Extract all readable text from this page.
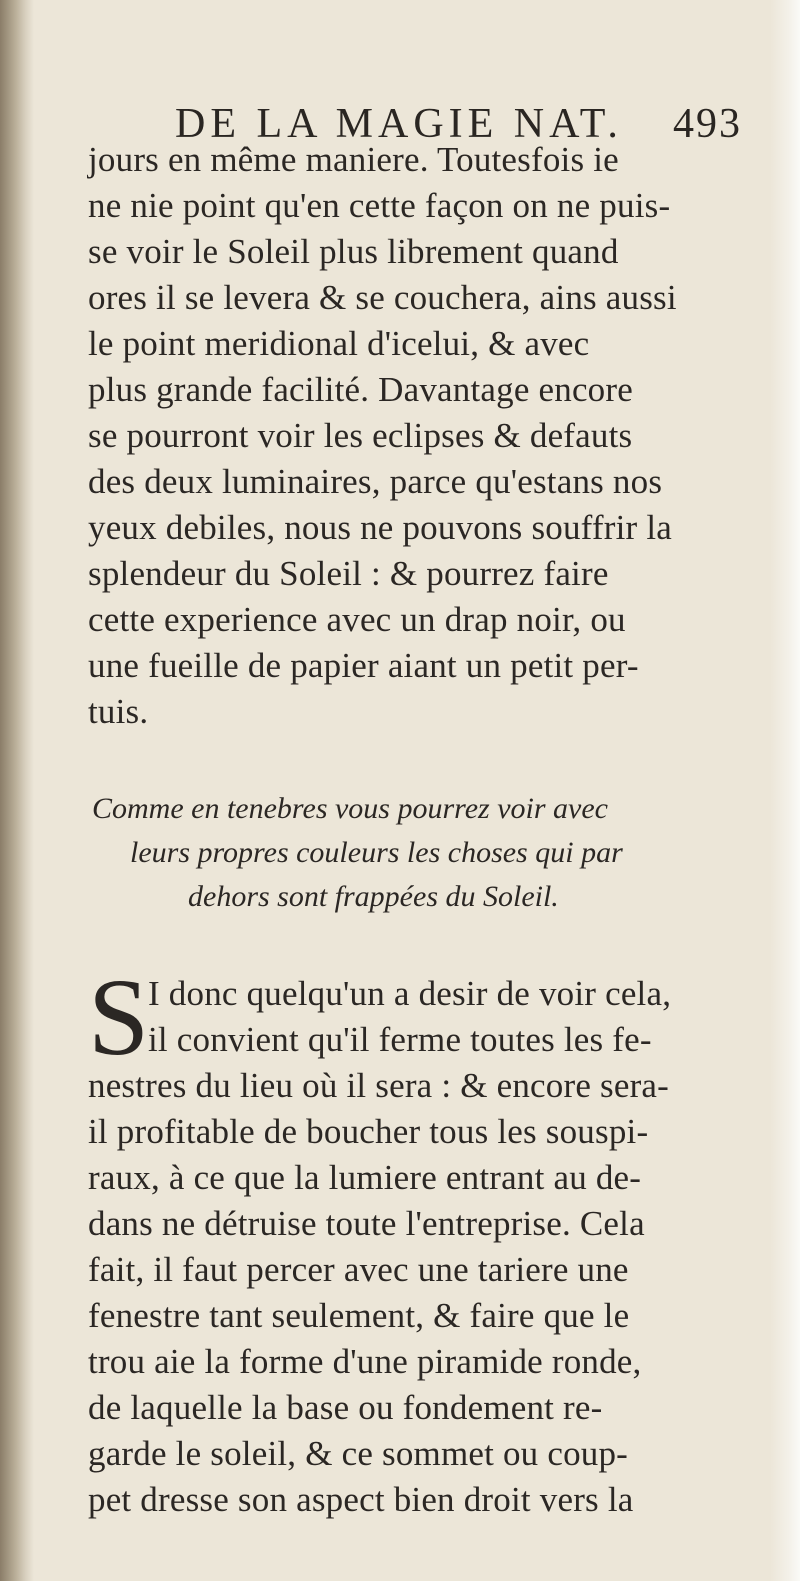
DE LA MAGIE NAT. 493
jours en même maniere. Toutesfois ie
ne nie point qu'en cette façon on ne puis-
se voir le Soleil plus librement quand
ores il se levera & se couchera, ains aussi
le point meridional d'icelui, & avec
plus grande facilité. Davantage encore
se pourront voir les eclipses & defauts
des deux luminaires, parce qu'estans nos
yeux debiles, nous ne pouvons souffrir la
splendeur du Soleil : & pourrez faire
cette experience avec un drap noir, ou
une fueille de papier aiant un petit per-
tuis.
Comme en tenebres vous pourrez voir avec
leurs propres couleurs les choses qui par
dehors sont frappées du Soleil.
S
I donc quelqu'un a desir de voir cela,
il convient qu'il ferme toutes les fe-
nestres du lieu où il sera : & encore sera-
il profitable de boucher tous les souspi-
raux, à ce que la lumiere entrant au de-
dans ne détruise toute l'entreprise. Cela
fait, il faut percer avec une tariere une
fenestre tant seulement, & faire que le
trou aie la forme d'une piramide ronde,
de laquelle la base ou fondement re-
garde le soleil, & ce sommet ou coup-
pet dresse son aspect bien droit vers la
